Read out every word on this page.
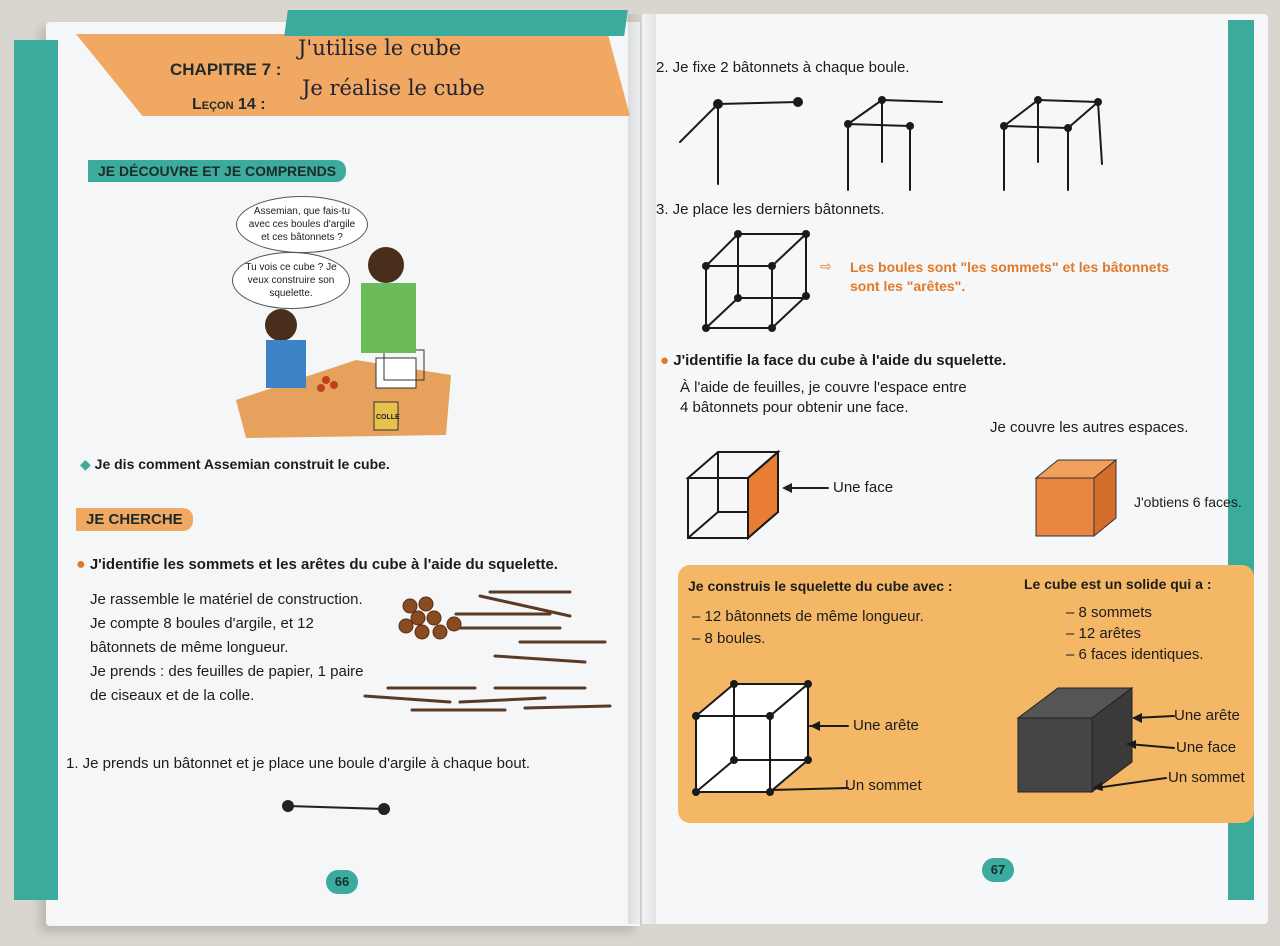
CHAPITRE 7 :
J'utilise le cube
Leçon 14 :
Je réalise le cube
JE DÉCOUVRE ET JE COMPRENDS
Assemian, que fais-tu avec ces boules d'argile et ces bâtonnets ?
Tu vois ce cube ? Je veux construire son squelette.
COLLE
◆ Je dis comment Assemian construit le cube.
JE CHERCHE
● J'identifie les sommets et les arêtes du cube à l'aide du squelette.
Je rassemble le matériel de construction.
Je compte 8 boules d'argile, et 12
bâtonnets de même longueur.
Je prends : des feuilles de papier, 1 paire
de ciseaux et de la colle.
1. Je prends un bâtonnet et je place une boule d'argile à chaque bout.
66
2. Je fixe 2 bâtonnets à chaque boule.
3. Je place les derniers bâtonnets.
⇨ Les boules sont "les sommets" et les bâtonnets
sont les "arêtes".
● J'identifie la face du cube à l'aide du squelette.
À l'aide de feuilles, je couvre l'espace entre
4 bâtonnets pour obtenir une face.
Je couvre les autres espaces.
Une face
J'obtiens 6 faces.
Je construis le squelette du cube avec :
– 12 bâtonnets de même longueur.
– 8 boules.
Le cube est un solide qui a :
– 8 sommets
– 12 arêtes
– 6 faces identiques.
Une arête
Un sommet
Une arête
Une face
Un sommet
67
